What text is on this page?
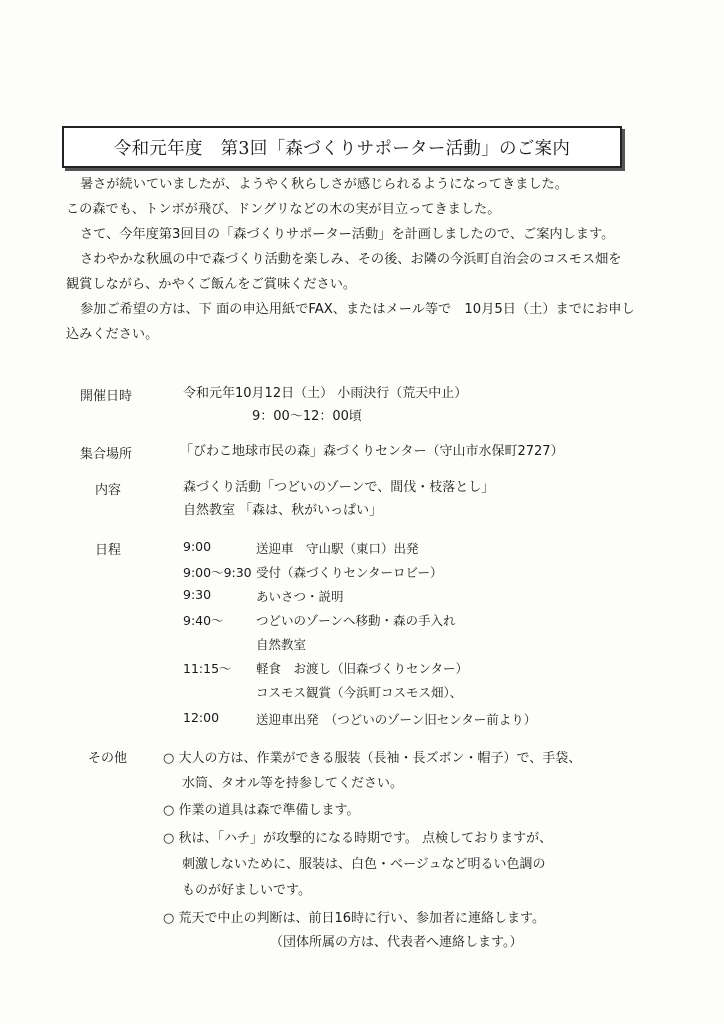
令和元年度　第3回「森づくりサポーター活動」のご案内

暑さが続いていましたが、ようやく秋らしさが感じられるようになってきました。

この森でも、トンボが飛び、ドングリなどの木の実が目立ってきました。

さて、今年度第3回目の「森づくりサポーター活動」を計画しましたので、ご案内します。

さわやかな秋風の中で森づくり活動を楽しみ、その後、お隣の今浜町自治会のコスモス畑を

観賞しながら、かやくご飯んをご賞味ください。

参加ご希望の方は、下 面の申込用紙でFAX、またはメール等で　10月5日（土）までにお申し

込みください。

開催日時	令和元年10月12日（土） 小雨決行（荒天中止）
9：00～12：00頃
集合場所	「びわこ地球市民の森」森づくりセンター（守山市水保町2727）
内容	森づくり活動「つどいのゾーンで、間伐・枝落とし」
自然教室 「森は、秋がいっぱい」
日程	9:00	送迎車　守山駅（東口）出発
9:00～9:30 受付（森づくりセンターロビー）
9:30	あいさつ・説明
9:40～	つどいのゾーンへ移動・森の手入れ
自然教室
11:15～ 軽食　お渡し（旧森づくりセンター）
コスモス観賞（今浜町コスモス畑）、
12:00	送迎車出発　（つどいのゾーン旧センター前より）
その他	○ 大人の方は、作業ができる服装（長袖・長ズボン・帽子）で、手袋、
水筒、タオル等を持参してください。
○ 作業の道具は森で準備します。
○ 秋は、「ハチ」が攻撃的になる時期です。 点検しておりますが、
刺激しないために、服装は、白色・ベージュなど明るい色調の
ものが好ましいです。
○ 荒天で中止の判断は、前日16時に行い、参加者に連絡します。
（団体所属の方は、代表者へ連絡します。）
